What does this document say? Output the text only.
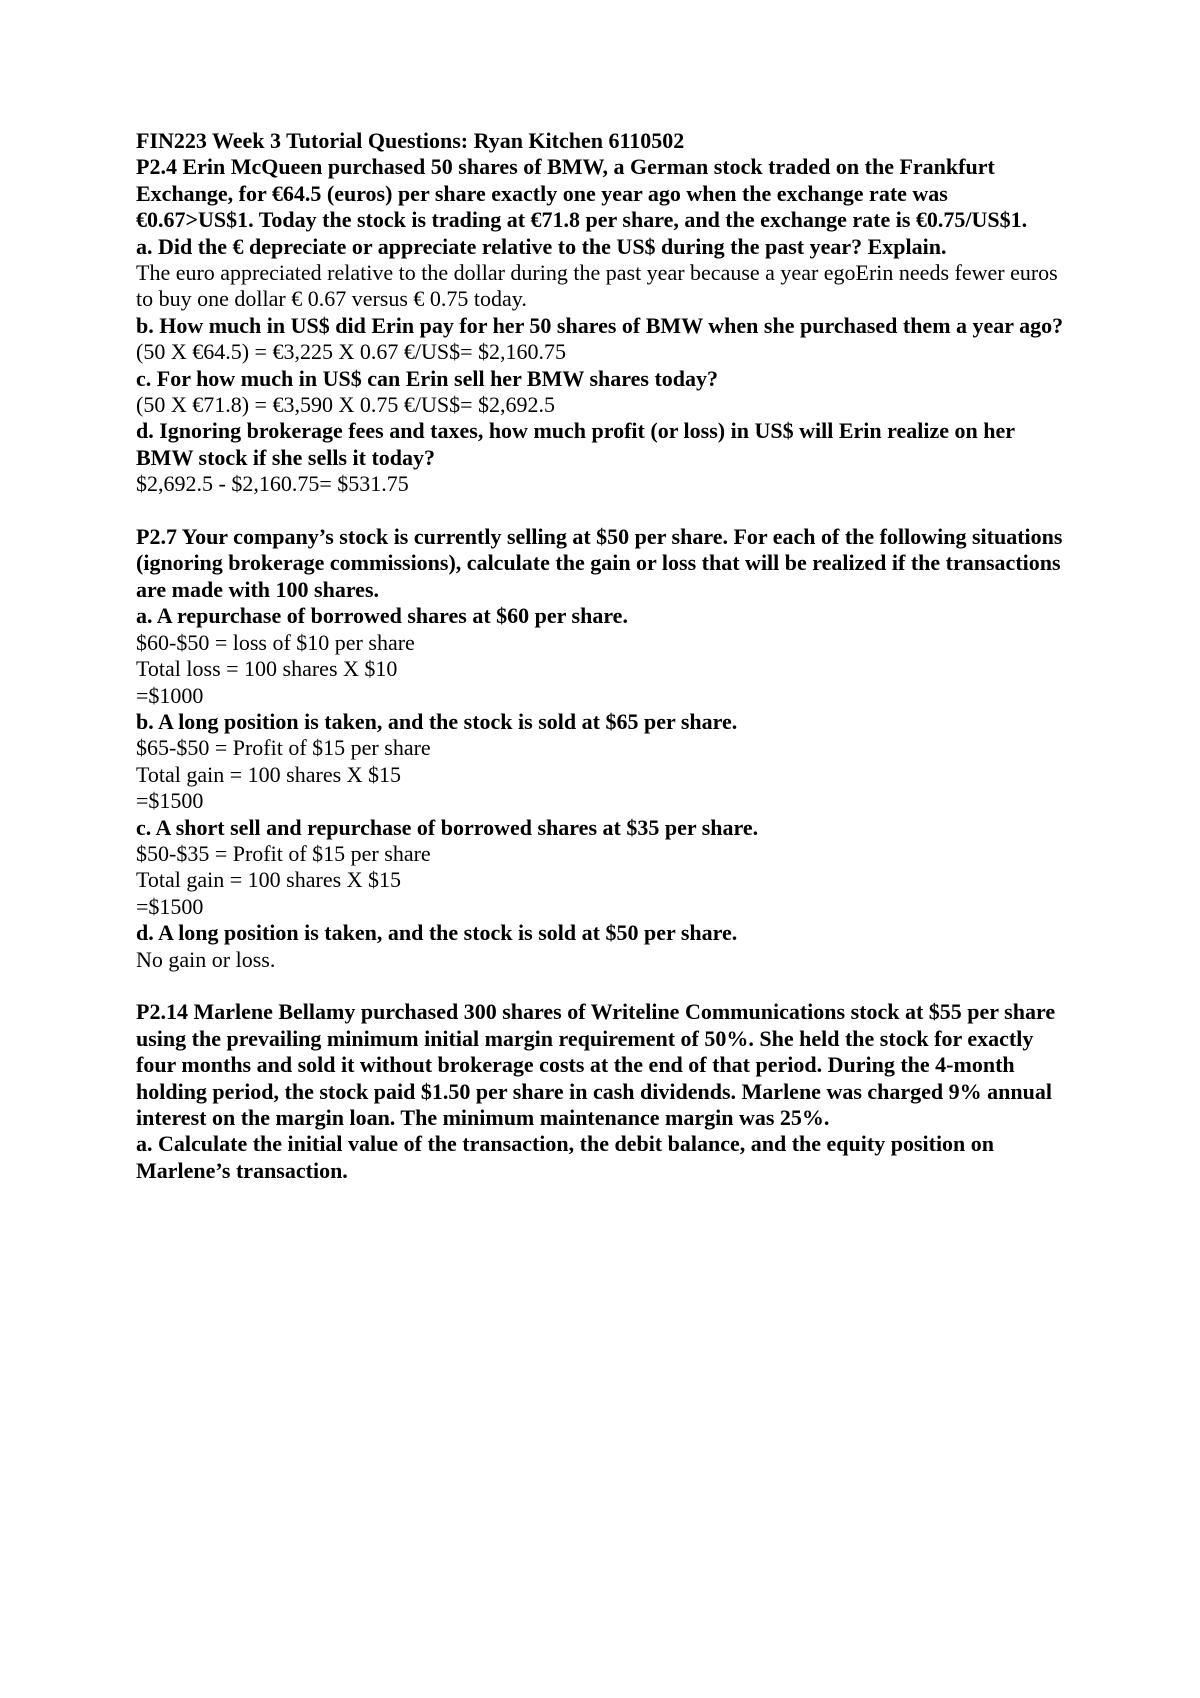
FIN223 Week 3 Tutorial Questions: Ryan Kitchen 6110502

P2.4 Erin McQueen purchased 50 shares of BMW, a German stock traded on the Frankfurt Exchange, for €64.5 (euros) per share exactly one year ago when the exchange rate was €0.67>US$1. Today the stock is trading at €71.8 per share, and the exchange rate is €0.75/US$1.

a. Did the € depreciate or appreciate relative to the US$ during the past year? Explain.

The euro appreciated relative to the dollar during the past year because a year egoErin needs fewer euros to buy one dollar € 0.67 versus € 0.75 today.

b. How much in US$ did Erin pay for her 50 shares of BMW when she purchased them a year ago?

(50 X €64.5) = €3,225 X 0.67 €/US$= $2,160.75

c. For how much in US$ can Erin sell her BMW shares today?

(50 X €71.8) = €3,590 X 0.75 €/US$= $2,692.5

d. Ignoring brokerage fees and taxes, how much profit (or loss) in US$ will Erin realize on her BMW stock if she sells it today?

$2,692.5 - $2,160.75= $531.75

P2.7 Your company’s stock is currently selling at $50 per share. For each of the following situations (ignoring brokerage commissions), calculate the gain or loss that will be realized if the transactions are made with 100 shares.

a. A repurchase of borrowed shares at $60 per share.

$60-$50 = loss of $10 per share

Total loss = 100 shares X $10

=$1000

b. A long position is taken, and the stock is sold at $65 per share.

$65-$50 = Profit of $15 per share

Total gain = 100 shares X $15

=$1500

c. A short sell and repurchase of borrowed shares at $35 per share.

$50-$35 = Profit of $15 per share

Total gain = 100 shares X $15

=$1500

d. A long position is taken, and the stock is sold at $50 per share.

No gain or loss.

P2.14 Marlene Bellamy purchased 300 shares of Writeline Communications stock at $55 per share using the prevailing minimum initial margin requirement of 50%. She held the stock for exactly four months and sold it without brokerage costs at the end of that period. During the 4-month holding period, the stock paid $1.50 per share in cash dividends. Marlene was charged 9% annual interest on the margin loan. The minimum maintenance margin was 25%.

a. Calculate the initial value of the transaction, the debit balance, and the equity position on Marlene’s transaction.
